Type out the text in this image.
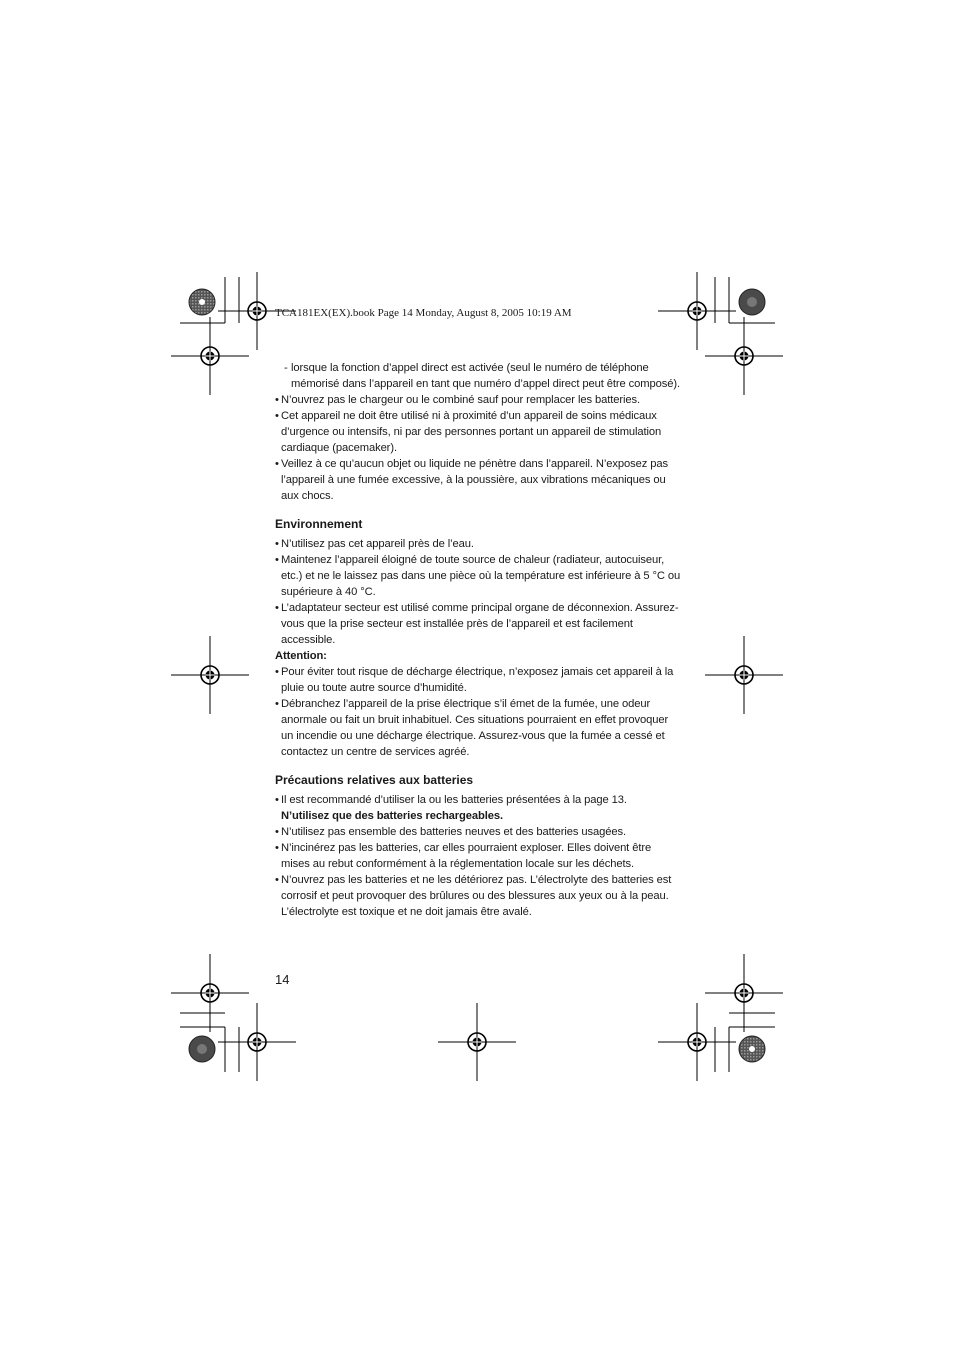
TCA181EX(EX).book Page 14 Monday, August 8, 2005 10:19 AM
- lorsque la fonction d’appel direct est activée (seul le numéro de téléphone mémorisé dans l’appareil en tant que numéro d’appel direct peut être composé).
• N’ouvrez pas le chargeur ou le combiné sauf pour remplacer les batteries.
• Cet appareil ne doit être utilisé ni à proximité d’un appareil de soins médicaux d’urgence ou intensifs, ni par des personnes portant un appareil de stimulation cardiaque (pacemaker).
• Veillez à ce qu’aucun objet ou liquide ne pénètre dans l’appareil. N’exposez pas l’appareil à une fumée excessive, à la poussière, aux vibrations mécaniques ou aux chocs.
Environnement
• N’utilisez pas cet appareil près de l’eau.
• Maintenez l’appareil éloigné de toute source de chaleur (radiateur, autocuiseur, etc.) et ne le laissez pas dans une pièce où la température est inférieure à 5 °C ou supérieure à 40 °C.
• L’adaptateur secteur est utilisé comme principal organe de déconnexion. Assurez-vous que la prise secteur est installée près de l’appareil et est facilement accessible.
Attention:
• Pour éviter tout risque de décharge électrique, n’exposez jamais cet appareil à la pluie ou toute autre source d’humidité.
• Débranchez l’appareil de la prise électrique s’il émet de la fumée, une odeur anormale ou fait un bruit inhabituel. Ces situations pourraient en effet provoquer un incendie ou une décharge électrique. Assurez-vous que la fumée a cessé et contactez un centre de services agréé.
Précautions relatives aux batteries
• Il est recommandé d’utiliser la ou les batteries présentées à la page 13.
N’utilisez que des batteries rechargeables.
• N’utilisez pas ensemble des batteries neuves et des batteries usagées.
• N’incinérez pas les batteries, car elles pourraient exploser. Elles doivent être mises au rebut conformément à la réglementation locale sur les déchets.
• N’ouvrez pas les batteries et ne les détériorez pas. L’électrolyte des batteries est corrosif et peut provoquer des brûlures ou des blessures aux yeux ou à la peau. L’électrolyte est toxique et ne doit jamais être avalé.
14
